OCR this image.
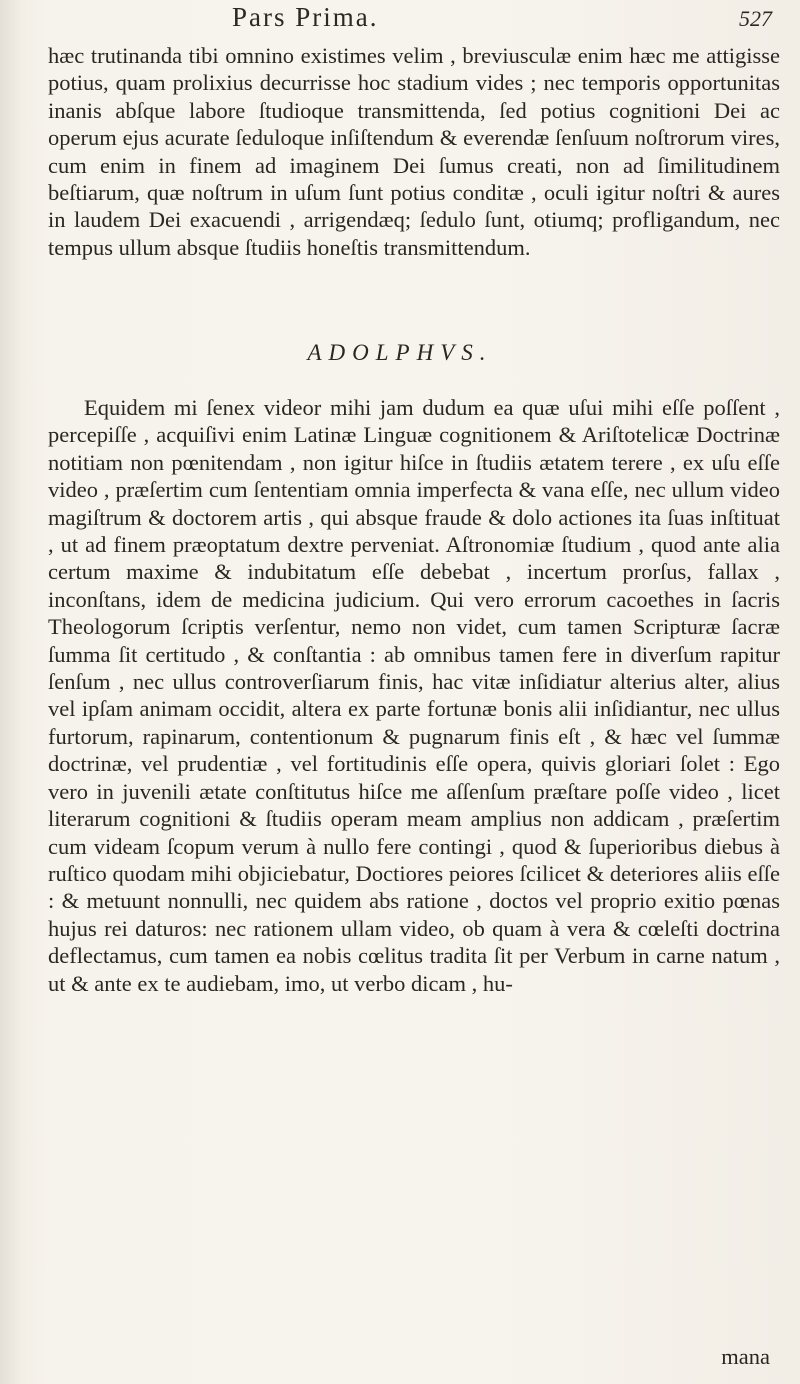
Pars Prima.	527

hæc trutinanda tibi omnino existimes velim , breviusculæ enim hæc me attigisse potius, quam prolixius decurrisse hoc stadium vides ; nec temporis opportunitas inanis abſque labore ſtudioque transmittenda, ſed potius cognitioni Dei ac operum ejus acurate ſeduloque inſiſtendum & everendæ ſenſuum noſtrorum vires, cum enim in finem ad imaginem Dei ſumus creati, non ad ſimilitudinem beſtiarum, quæ noſtrum in uſum ſunt potius conditæ , oculi igitur noſtri & aures in laudem Dei exacuendi , arrigendæq; ſedulo ſunt, otiumq; profligandum, nec tempus ullum absque ſtudiis honeſtis transmittendum.

ADOLPHVS.

Equidem mi ſenex videor mihi jam dudum ea quæ uſui mihi eſſe poſſent , percepiſſe , acquiſivi enim Latinæ Linguæ cognitionem & Ariſtotelicæ Doctrinæ notitiam non pœnitendam , non igitur hiſce in ſtudiis ætatem terere , ex uſu eſſe video , præſertim cum ſententiam omnia imperfecta & vana eſſe, nec ullum video magiſtrum & doctorem artis , qui absque fraude & dolo actiones ita ſuas inſtituat , ut ad finem præoptatum dextre perveniat. Aſtronomiæ ſtudium , quod ante alia certum maxime & indubitatum eſſe debebat , incertum prorſus, fallax , inconſtans, idem de medicina judicium. Qui vero errorum cacoethes in ſacris Theologorum ſcriptis verſentur, nemo non videt, cum tamen Scripturæ ſacræ ſumma ſit certitudo , & conſtantia : ab omnibus tamen fere in diverſum rapitur ſenſum , nec ullus controverſiarum finis, hac vitæ inſidiatur alterius alter, alius vel ipſam animam occidit, altera ex parte fortunæ bonis alii inſidiantur, nec ullus furtorum, rapinarum, contentionum & pugnarum finis eſt , & hæc vel ſummæ doctrinæ, vel prudentiæ , vel fortitudinis eſſe opera, quivis gloriari ſolet : Ego vero in juvenili ætate conſtitutus hiſce me aſſenſum præſtare poſſe video , licet literarum cognitioni & ſtudiis operam meam amplius non addicam , præſertim cum videam ſcopum verum à nullo fere contingi , quod & ſuperioribus diebus à ruſtico quodam mihi objiciebatur, Doctiores peiores ſcilicet & deteriores aliis eſſe : & metuunt nonnulli, nec quidem abs ratione , doctos vel proprio exitio pœnas hujus rei daturos: nec rationem ullam video, ob quam à vera & cœleſti doctrina deflectamus, cum tamen ea nobis cœlitus tradita ſit per Verbum in carne natum , ut & ante ex te audiebam, imo, ut verbo dicam , hu-

mana
